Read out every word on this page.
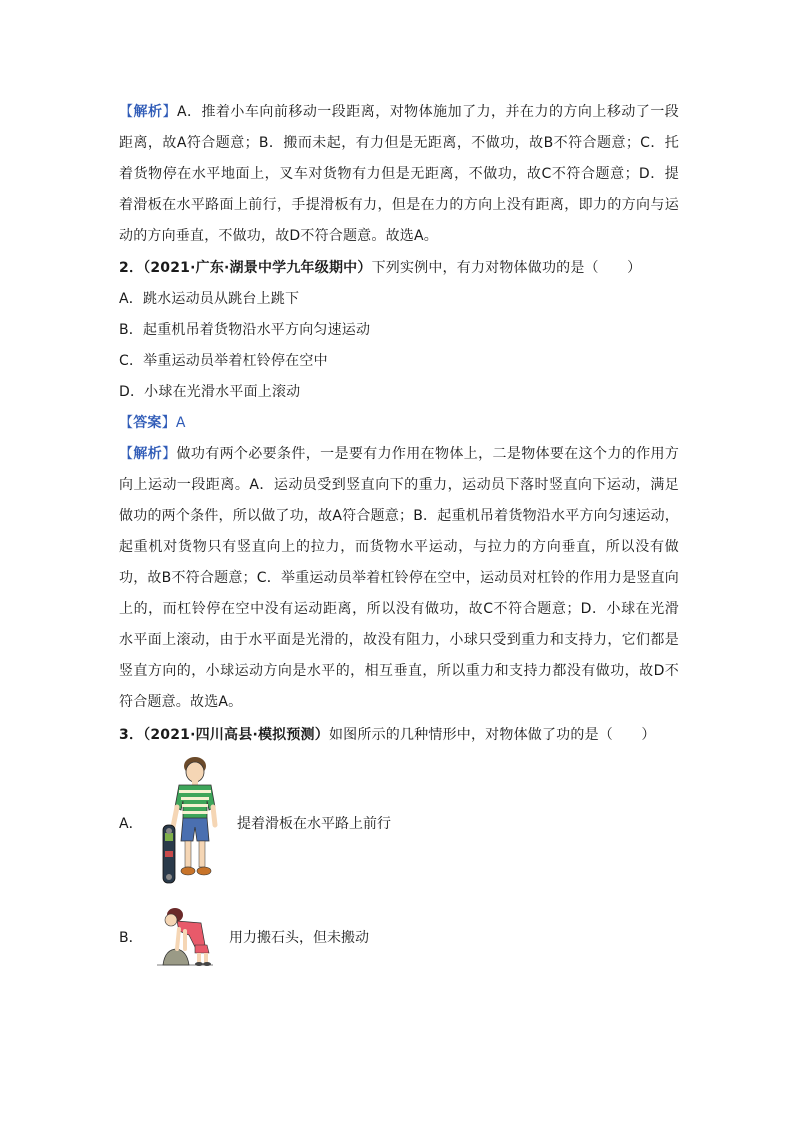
【解析】A．推着小车向前移动一段距离，对物体施加了力，并在力的方向上移动了一段距离，故A符合题意；B．搬而未起，有力但是无距离，不做功，故B不符合题意；C．托着货物停在水平地面上，叉车对货物有力但是无距离，不做功，故C不符合题意；D．提着滑板在水平路面上前行，手提滑板有力，但是在力的方向上没有距离，即力的方向与运动的方向垂直，不做功，故D不符合题意。故选A。

2．（2021·广东·湖景中学九年级期中）下列实例中，有力对物体做功的是（　　）

A．跳水运动员从跳台上跳下

B．起重机吊着货物沿水平方向匀速运动

C．举重运动员举着杠铃停在空中

D．小球在光滑水平面上滚动

【答案】A

【解析】做功有两个必要条件，一是要有力作用在物体上，二是物体要在这个力的作用方向上运动一段距离。A．运动员受到竖直向下的重力，运动员下落时竖直向下运动，满足做功的两个条件，所以做了功，故A符合题意；B．起重机吊着货物沿水平方向匀速运动，起重机对货物只有竖直向上的拉力，而货物水平运动，与拉力的方向垂直，所以没有做功，故B不符合题意；C．举重运动员举着杠铃停在空中，运动员对杠铃的作用力是竖直向上的，而杠铃停在空中没有运动距离，所以没有做功，故C不符合题意；D．小球在光滑水平面上滚动，由于水平面是光滑的，故没有阻力，小球只受到重力和支持力，它们都是竖直方向的，小球运动方向是水平的，相互垂直，所以重力和支持力都没有做功，故D不符合题意。故选A。

3．（2021·四川高县·模拟预测）如图所示的几种情形中，对物体做了功的是（　　）

A．	提着滑板在水平路上前行
B．	用力搬石头，但未搬动
